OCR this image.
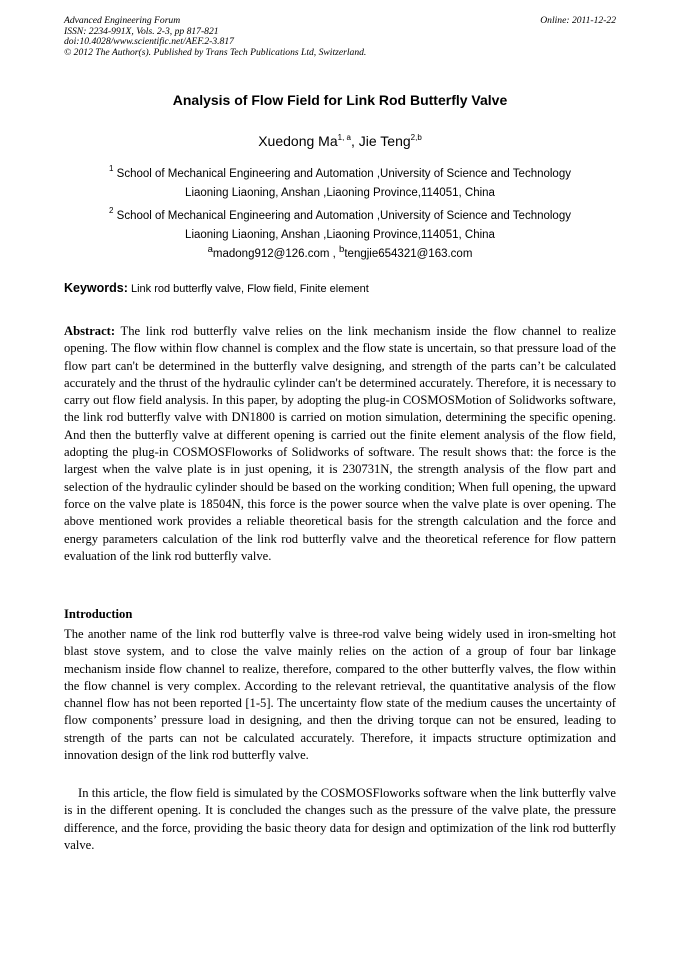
Advanced Engineering Forum
ISSN: 2234-991X, Vols. 2-3, pp 817-821
doi:10.4028/www.scientific.net/AEF.2-3.817
© 2012 The Author(s). Published by Trans Tech Publications Ltd, Switzerland.
Online: 2011-12-22
Analysis of Flow Field for Link Rod Butterfly Valve
Xuedong Ma$^{1, a}$, Jie Teng$^{2,b}$
$^1$ School of Mechanical Engineering and Automation ,University of Science and Technology
Liaoning Liaoning, Anshan ,Liaoning Province,114051, China
$^2$ School of Mechanical Engineering and Automation ,University of Science and Technology
Liaoning Liaoning, Anshan ,Liaoning Province,114051, China
$^a$madong912@126.com , $^b$tengjie654321@163.com
Keywords: Link rod butterfly valve, Flow field, Finite element

Abstract: The link rod butterfly valve relies on the link mechanism inside the flow channel to realize opening. The flow within flow channel is complex and the flow state is uncertain, so that pressure load of the flow part can't be determined in the butterfly valve designing, and strength of the parts can’t be calculated accurately and the thrust of the hydraulic cylinder can't be determined accurately. Therefore, it is necessary to carry out flow field analysis. In this paper, by adopting the plug-in COSMOSMotion of Solidworks software, the link rod butterfly valve with DN1800 is carried on motion simulation, determining the specific opening. And then the butterfly valve at different opening is carried out the finite element analysis of the flow field, adopting the plug-in COSMOSFloworks of Solidworks of software. The result shows that: the force is the largest when the valve plate is in just opening, it is 230731N, the strength analysis of the flow part and selection of the hydraulic cylinder should be based on the working condition; When full opening, the upward force on the valve plate is 18504N, this force is the power source when the valve plate is over opening. The above mentioned work provides a reliable theoretical basis for the strength calculation and the force and energy parameters calculation of the link rod butterfly valve and the theoretical reference for flow pattern evaluation of the link rod butterfly valve.

Introduction

The another name of the link rod butterfly valve is three-rod valve being widely used in iron-smelting hot blast stove system, and to close the valve mainly relies on the action of a group of four bar linkage mechanism inside flow channel to realize, therefore, compared to the other butterfly valves, the flow within the flow channel is very complex. According to the relevant retrieval, the quantitative analysis of the flow channel flow has not been reported [1-5]. The uncertainty flow state of the medium causes the uncertainty of flow components’ pressure load in designing, and then the driving torque can not be ensured, leading to strength of the parts can not be calculated accurately. Therefore, it impacts structure optimization and innovation design of the link rod butterfly valve.

In this article, the flow field is simulated by the COSMOSFloworks software when the link butterfly valve is in the different opening. It is concluded the changes such as the pressure of the valve plate, the pressure difference, and the force, providing the basic theory data for design and optimization of the link rod butterfly valve.
